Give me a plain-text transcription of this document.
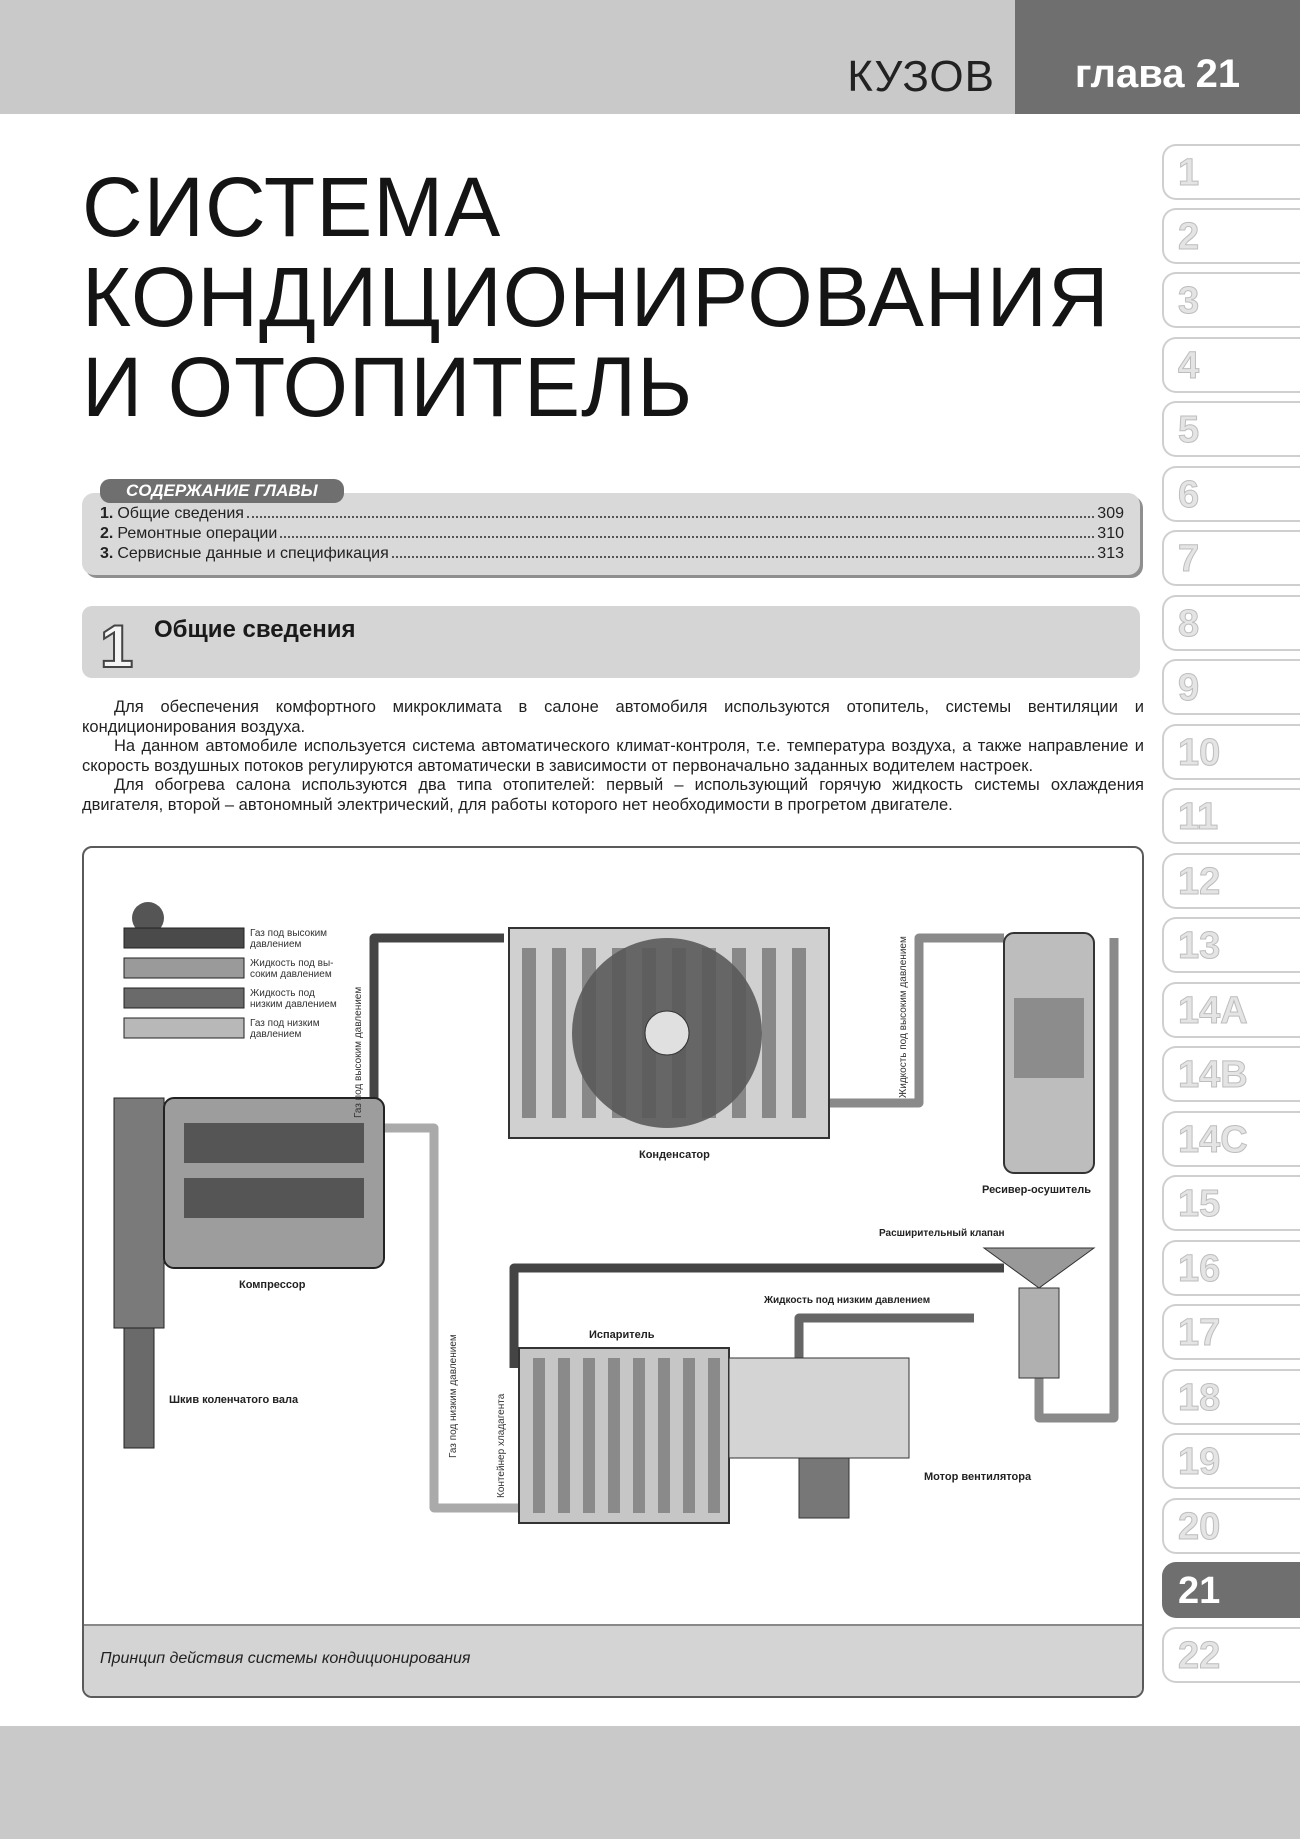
КУЗОВ	глава 21
СИСТЕМА
КОНДИЦИОНИРОВАНИЯ
И ОТОПИТЕЛЬ
СОДЕРЖАНИЕ ГЛАВЫ
1. Общие сведения	309
2. Ремонтные операции	310
3. Сервисные данные и спецификация	313
1 Общие сведения

Для обеспечения комфортного микроклимата в салоне автомобиля используются отопитель, системы вентиляции и кондиционирования воздуха.

На данном автомобиле используется система автоматического климат-контроля, т.е. температура воздуха, а также направление и скорость воздушных потоков регулируются автоматически в зависимости от первоначально заданных водителем настроек.

Для обогрева салона используются два типа отопителей: первый – использующий горячую жидкость системы охлаждения двигателя, второй – автономный электрический, для работы которого нет необходимости в прогретом двигателе.

Газ под высоким
давлением
Жидкость под вы-
соким давлением
Жидкость под
низким давлением
Газ под низким
давлением
Конденсатор
Ресивер-осушитель
Компрессор
Шкив коленчатого вала
Испаритель
Мотор вентилятора
Расширительный клапан
Жидкость под низким давлением
Газ под высоким давлением	Жидкость под высоким давлением
Газ под низким давлением	Контейнер хладагента
Принцип действия системы кондиционирования
1
2
3
4
5
6
7
8
9
10
11
12
13
14A
14B
14C
15
16
17
18
19
20
21
22
